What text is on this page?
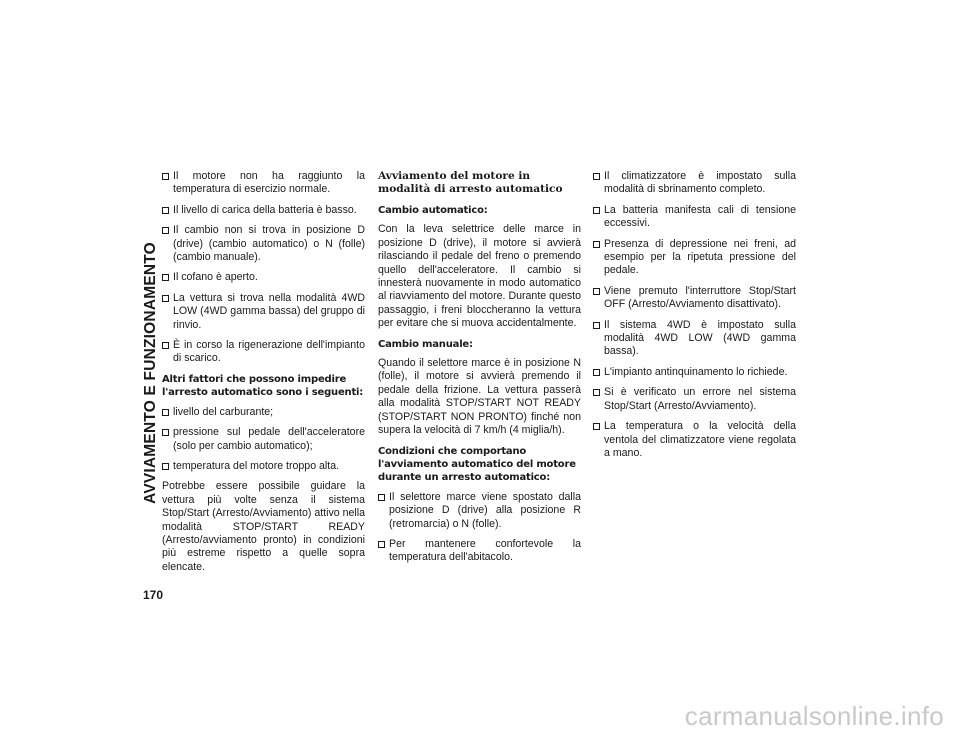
AVVIAMENTO E FUNZIONAMENTO
170
Il motore non ha raggiunto la temperatura di esercizio normale.
Il livello di carica della batteria è basso.
Il cambio non si trova in posizione D (drive) (cambio automatico) o N (folle) (cambio manuale).
Il cofano è aperto.
La vettura si trova nella modalità 4WD LOW (4WD gamma bassa) del gruppo di rinvio.
È in corso la rigenerazione dell'impianto di scarico.
Altri fattori che possono impedire l'arresto automatico sono i seguenti:
livello del carburante;
pressione sul pedale dell'acceleratore (solo per cambio automatico);
temperatura del motore troppo alta.
Potrebbe essere possibile guidare la vettura più volte senza il sistema Stop/Start (Arresto/Avviamento) attivo nella modalità STOP/START READY (Arresto/avviamento pronto) in condizioni più estreme rispetto a quelle sopra elencate.
Avviamento del motore in modalità di arresto automatico
Cambio automatico:
Con la leva selettrice delle marce in posizione D (drive), il motore si avvierà rilasciando il pedale del freno o premendo quello dell'acceleratore. Il cambio si innesterà nuovamente in modo automatico al riavviamento del motore. Durante questo passaggio, i freni bloccheranno la vettura per evitare che si muova accidentalmente.
Cambio manuale:
Quando il selettore marce è in posizione N (folle), il motore si avvierà premendo il pedale della frizione. La vettura passerà alla modalità STOP/START NOT READY (STOP/START NON PRONTO) finché non supera la velocità di 7 km/h (4 miglia/h).
Condizioni che comportano l'avviamento automatico del motore durante un arresto automatico:
Il selettore marce viene spostato dalla posizione D (drive) alla posizione R (retromarcia) o N (folle).
Per mantenere confortevole la temperatura dell'abitacolo.
Il climatizzatore è impostato sulla modalità di sbrinamento completo.
La batteria manifesta cali di tensione eccessivi.
Presenza di depressione nei freni, ad esempio per la ripetuta pressione del pedale.
Viene premuto l'interruttore Stop/Start OFF (Arresto/Avviamento disattivato).
Il sistema 4WD è impostato sulla modalità 4WD LOW (4WD gamma bassa).
L'impianto antinquinamento lo richiede.
Si è verificato un errore nel sistema Stop/Start (Arresto/Avviamento).
La temperatura o la velocità della ventola del climatizzatore viene regolata a mano.
carmanualsonline.info
